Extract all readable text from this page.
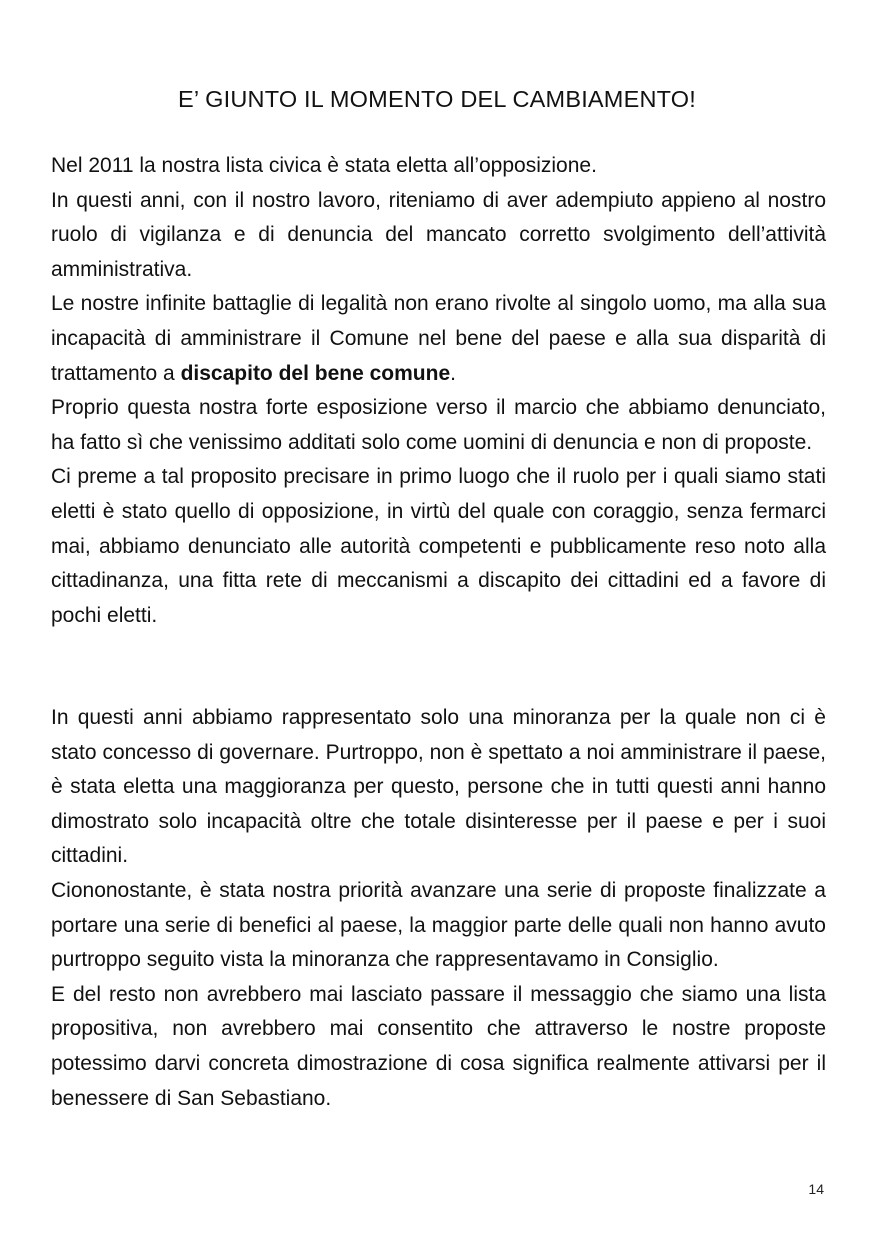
E’ GIUNTO IL MOMENTO DEL CAMBIAMENTO!

Nel 2011 la nostra lista civica è stata eletta all’opposizione.

In questi anni, con il nostro lavoro, riteniamo di aver adempiuto appieno al nostro ruolo di vigilanza e di denuncia del mancato corretto svolgimento dell’attività amministrativa.

Le nostre infinite battaglie di legalità non erano rivolte al singolo uomo, ma alla sua incapacità di amministrare il Comune nel bene del paese e alla sua disparità di trattamento a discapito del bene comune.

Proprio questa nostra forte esposizione verso il marcio che abbiamo denunciato, ha fatto sì che venissimo additati solo come uomini di denuncia e non di proposte.

Ci preme a tal proposito precisare in primo luogo che il ruolo per i quali siamo stati eletti è stato quello di opposizione, in virtù del quale con coraggio, senza fermarci mai, abbiamo denunciato alle autorità competenti e pubblicamente reso noto alla cittadinanza, una fitta rete di meccanismi a discapito dei cittadini ed a favore di pochi eletti.

In questi anni abbiamo rappresentato solo una minoranza per la quale non ci è stato concesso di governare. Purtroppo, non è spettato a noi amministrare il paese, è stata eletta una maggioranza per questo, persone che in tutti questi anni hanno dimostrato solo incapacità oltre che totale disinteresse per il paese e per i suoi cittadini.

Ciononostante, è stata nostra priorità avanzare una serie di proposte finalizzate a portare una serie di benefici al paese, la maggior parte delle quali non hanno avuto purtroppo seguito vista la minoranza che rappresentavamo in Consiglio.

E del resto non avrebbero mai lasciato passare il messaggio che siamo una lista propositiva, non avrebbero mai consentito che attraverso le nostre proposte potessimo darvi concreta dimostrazione di cosa significa realmente attivarsi per il benessere di San Sebastiano.

14
